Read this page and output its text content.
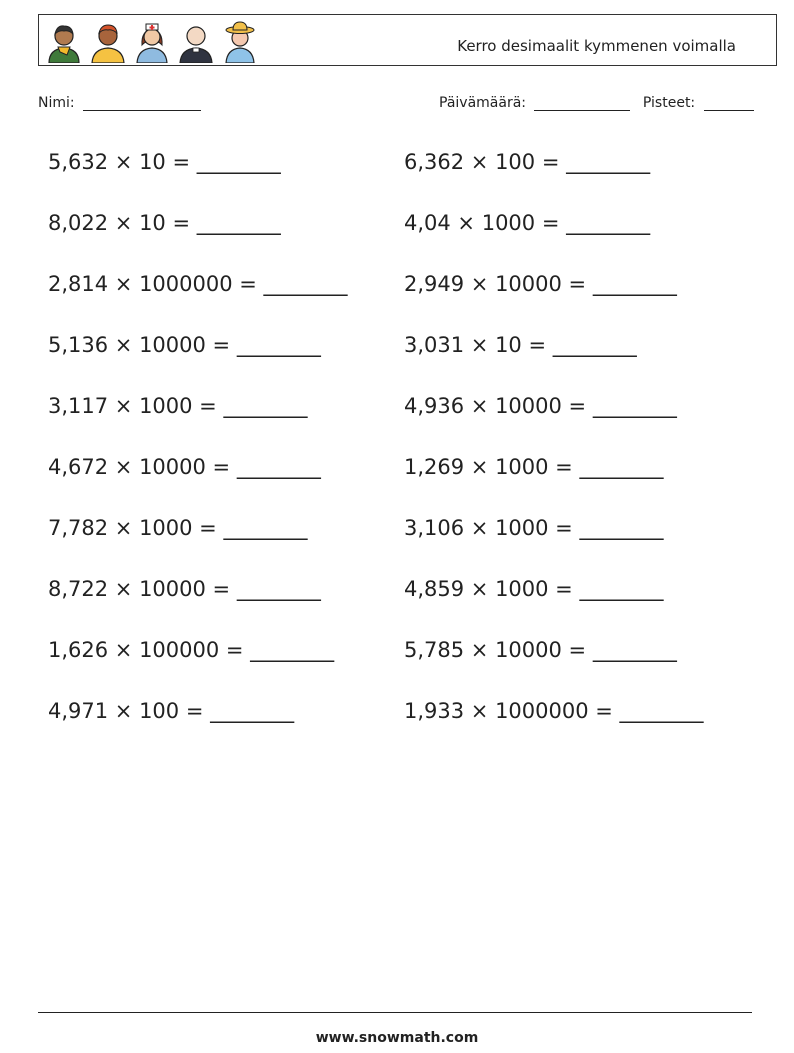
Kerro desimaalit kymmenen voimalla
Nimi:	Päivämäärä:	Pisteet:
5,632 × 10 = ________	6,362 × 100 = ________
8,022 × 10 = ________	4,04 × 1000 = ________
2,814 × 1000000 = ________	2,949 × 10000 = ________
5,136 × 10000 = ________	3,031 × 10 = ________
3,117 × 1000 = ________	4,936 × 10000 = ________
4,672 × 10000 = ________	1,269 × 1000 = ________
7,782 × 1000 = ________	3,106 × 1000 = ________
8,722 × 10000 = ________	4,859 × 1000 = ________
1,626 × 100000 = ________	5,785 × 10000 = ________
4,971 × 100 = ________	1,933 × 1000000 = ________
www.snowmath.com
